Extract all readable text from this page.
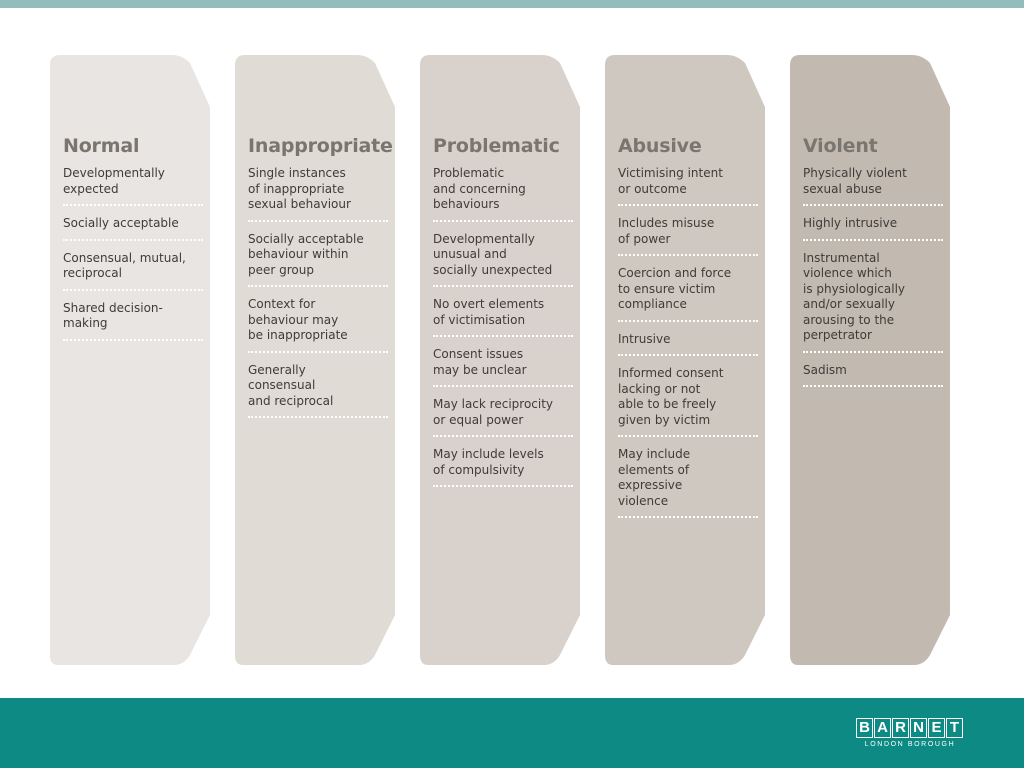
Normal
Developmentally
expected
Socially acceptable
Consensual, mutual,
reciprocal
Shared decision-
making
Inappropriate
Single instances
of inappropriate
sexual behaviour
Socially acceptable
behaviour within
peer group
Context for
behaviour may
be inappropriate
Generally
consensual
and reciprocal
Problematic
Problematic
and concerning
behaviours
Developmentally
unusual and
socially unexpected
No overt elements
of victimisation
Consent issues
may be unclear
May lack reciprocity
or equal power
May include levels
of compulsivity
Abusive
Victimising intent
or outcome
Includes misuse
of power
Coercion and force
to ensure victim
compliance
Intrusive
Informed consent
lacking or not
able to be freely
given by victim
May include
elements of
expressive
violence
Violent
Physically violent
sexual abuse
Highly intrusive
Instrumental
violence which
is physiologically
and/or sexually
arousing to the
perpetrator
Sadism
B A R N E T
LONDON BOROUGH
